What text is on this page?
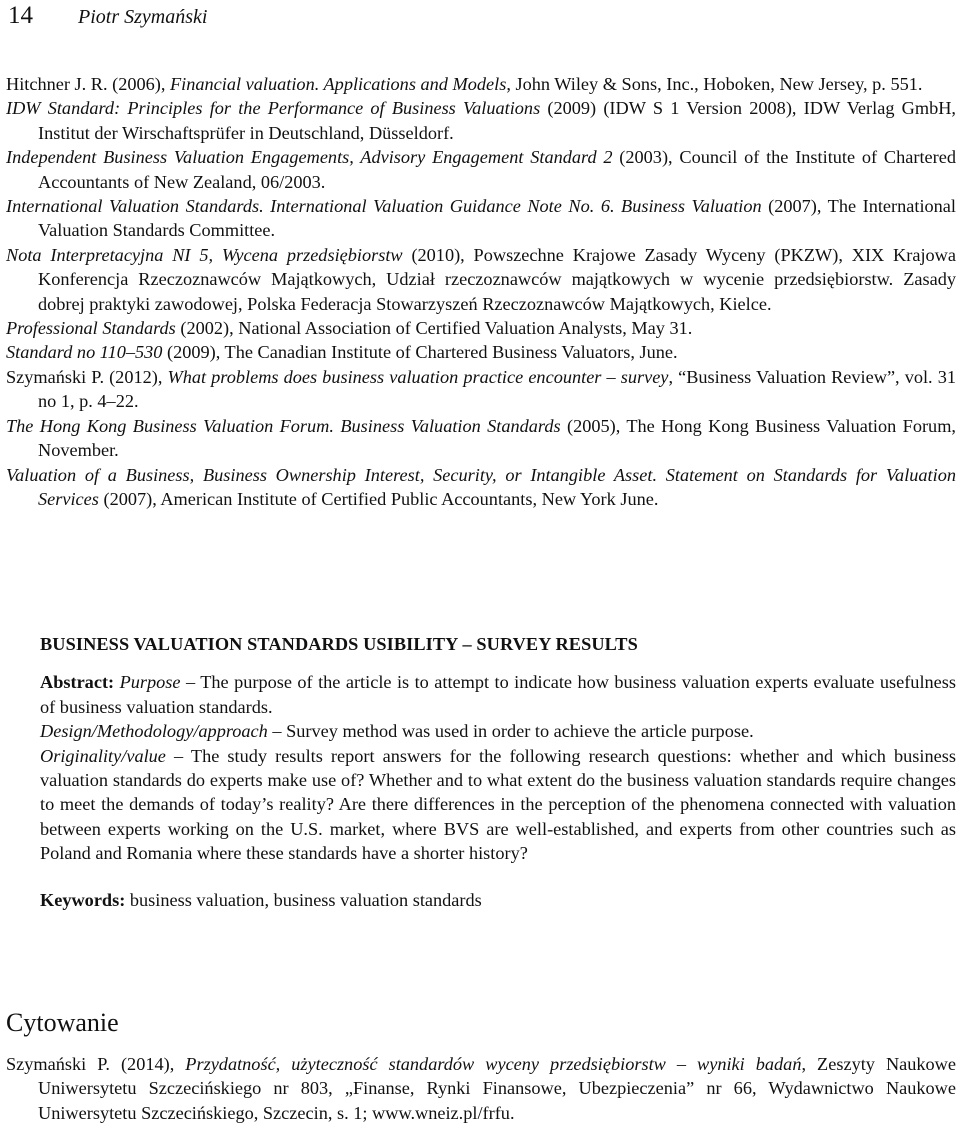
14	Piotr Szymański

Hitchner J. R. (2006), Financial valuation. Applications and Models, John Wiley & Sons, Inc., Hoboken, New Jersey, p. 551.

IDW Standard: Principles for the Performance of Business Valuations (2009) (IDW S 1 Version 2008), IDW Verlag GmbH, Institut der Wirschaftsprüfer in Deutschland, Düsseldorf.

Independent Business Valuation Engagements, Advisory Engagement Standard 2 (2003), Council of the Institute of Chartered Accountants of New Zealand, 06/2003.

International Valuation Standards. International Valuation Guidance Note No. 6. Business Valuation (2007), The International Valuation Standards Committee.

Nota Interpretacyjna NI 5, Wycena przedsiębiorstw (2010), Powszechne Krajowe Zasady Wyceny (PKZW), XIX Krajowa Konferencja Rzeczoznawców Majątkowych, Udział rzeczoznawców majątkowych w wycenie przedsiębiorstw. Zasady dobrej praktyki zawodowej, Polska Federacja Stowarzyszeń Rzeczoznawców Majątkowych, Kielce.

Professional Standards (2002), National Association of Certified Valuation Analysts, May 31.

Standard no 110–530 (2009), The Canadian Institute of Chartered Business Valuators, June.

Szymański P. (2012), What problems does business valuation practice encounter – survey, “Business Valuation Review”, vol. 31 no 1, p. 4–22.

The Hong Kong Business Valuation Forum. Business Valuation Standards (2005), The Hong Kong Business Valuation Forum, November.

Valuation of a Business, Business Ownership Interest, Security, or Intangible Asset. Statement on Standards for Valuation Services (2007), American Institute of Certified Public Accountants, New York June.

BUSINESS VALUATION STANDARDS USIBILITY – SURVEY RESULTS

Abstract: Purpose – The purpose of the article is to attempt to indicate how business valuation experts evaluate usefulness of business valuation standards.

Design/Methodology/approach – Survey method was used in order to achieve the article purpose.

Originality/value – The study results report answers for the following research questions: whether and which business valuation standards do experts make use of? Whether and to what extent do the business valuation standards require changes to meet the demands of today’s reality? Are there differences in the perception of the phenomena connected with valuation between experts working on the U.S. market, where BVS are well-established, and experts from other countries such as Poland and Romania where these standards have a shorter history?

Keywords: business valuation, business valuation standards

Cytowanie

Szymański P. (2014), Przydatność, użyteczność standardów wyceny przedsiębiorstw – wyniki badań, Zeszyty Naukowe Uniwersytetu Szczecińskiego nr 803, „Finanse, Rynki Finansowe, Ubezpieczenia” nr 66, Wydawnictwo Naukowe Uniwersytetu Szczecińskiego, Szczecin, s. 1; www.wneiz.pl/frfu.
